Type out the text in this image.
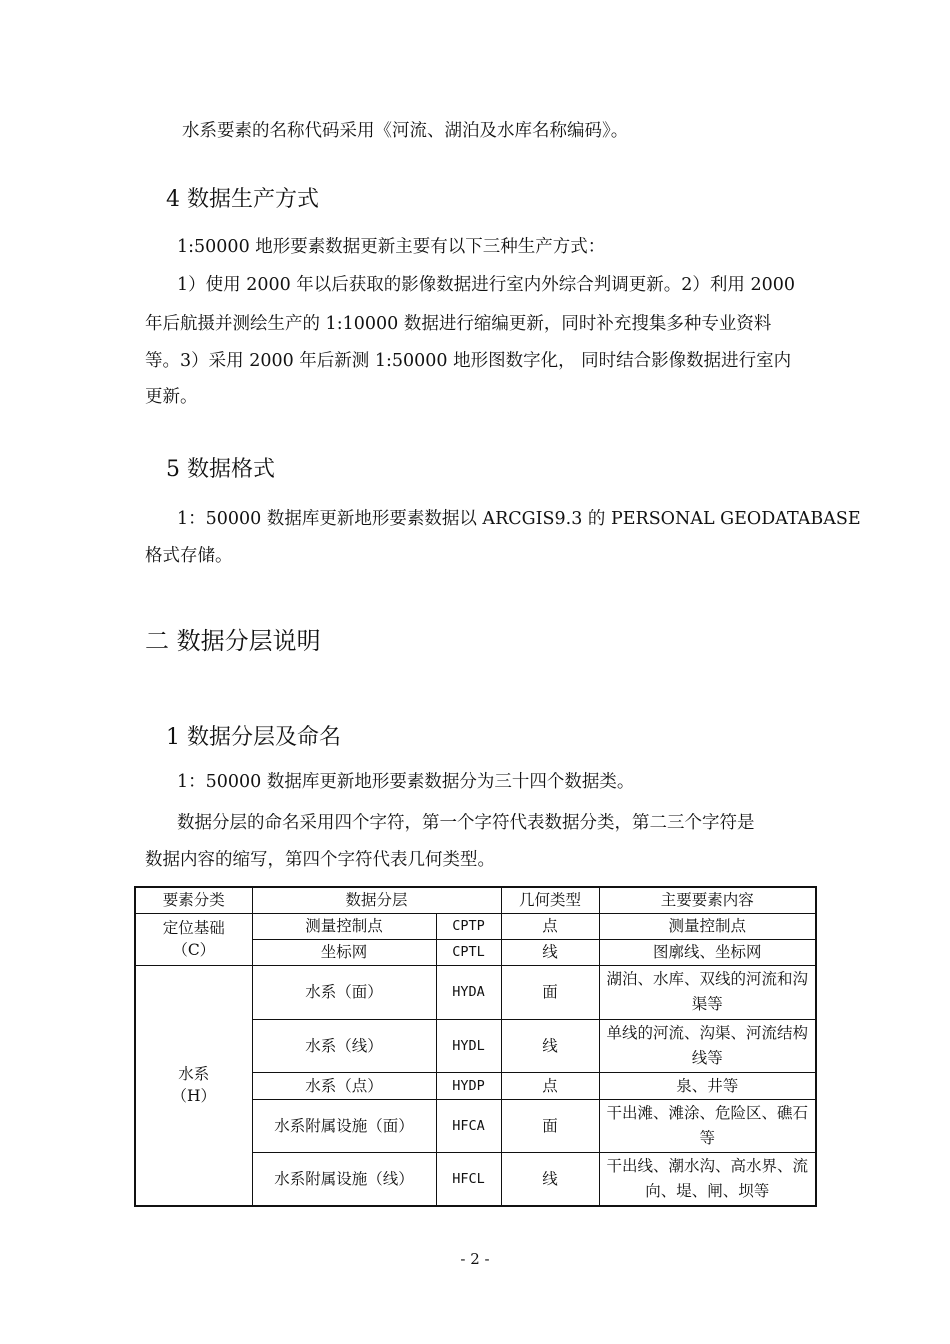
水系要素的名称代码采用《河流、湖泊及水库名称编码》。
4 数据生产方式
1:50000 地形要素数据更新主要有以下三种生产方式：
1）使用 2000 年以后获取的影像数据进行室内外综合判调更新。2）利用 2000
年后航摄并测绘生产的 1:10000 数据进行缩编更新，同时补充搜集多种专业资料
等。3）采用 2000 年后新测 1:50000 地形图数字化， 同时结合影像数据进行室内
更新。
5 数据格式
1：50000 数据库更新地形要素数据以 ARCGIS9.3 的 PERSONAL GEODATABASE
格式存储。
二 数据分层说明
1 数据分层及命名
1：50000 数据库更新地形要素数据分为三十四个数据类。
数据分层的命名采用四个字符，第一个字符代表数据分类，第二三个字符是
数据内容的缩写，第四个字符代表几何类型。
要素分类	数据分层		几何类型	主要要素内容

定位基础
（C）	测量控制点	CPTP	点	测量控制点
	坐标网	CPTL	线	图廓线、坐标网

水系
（H）	水系（面）	HYDA	面	湖泊、水库、双线的河流和沟渠等
	水系（线）	HYDL	线	单线的河流、沟渠、河流结构线等
	水系（点）	HYDP	点	泉、井等
	水系附属设施（面）	HFCA	面	干出滩、滩涂、危险区、礁石等
	水系附属设施（线）	HFCL	线	干出线、潮水沟、高水界、流向、堤、闸、坝等
- 2 -
